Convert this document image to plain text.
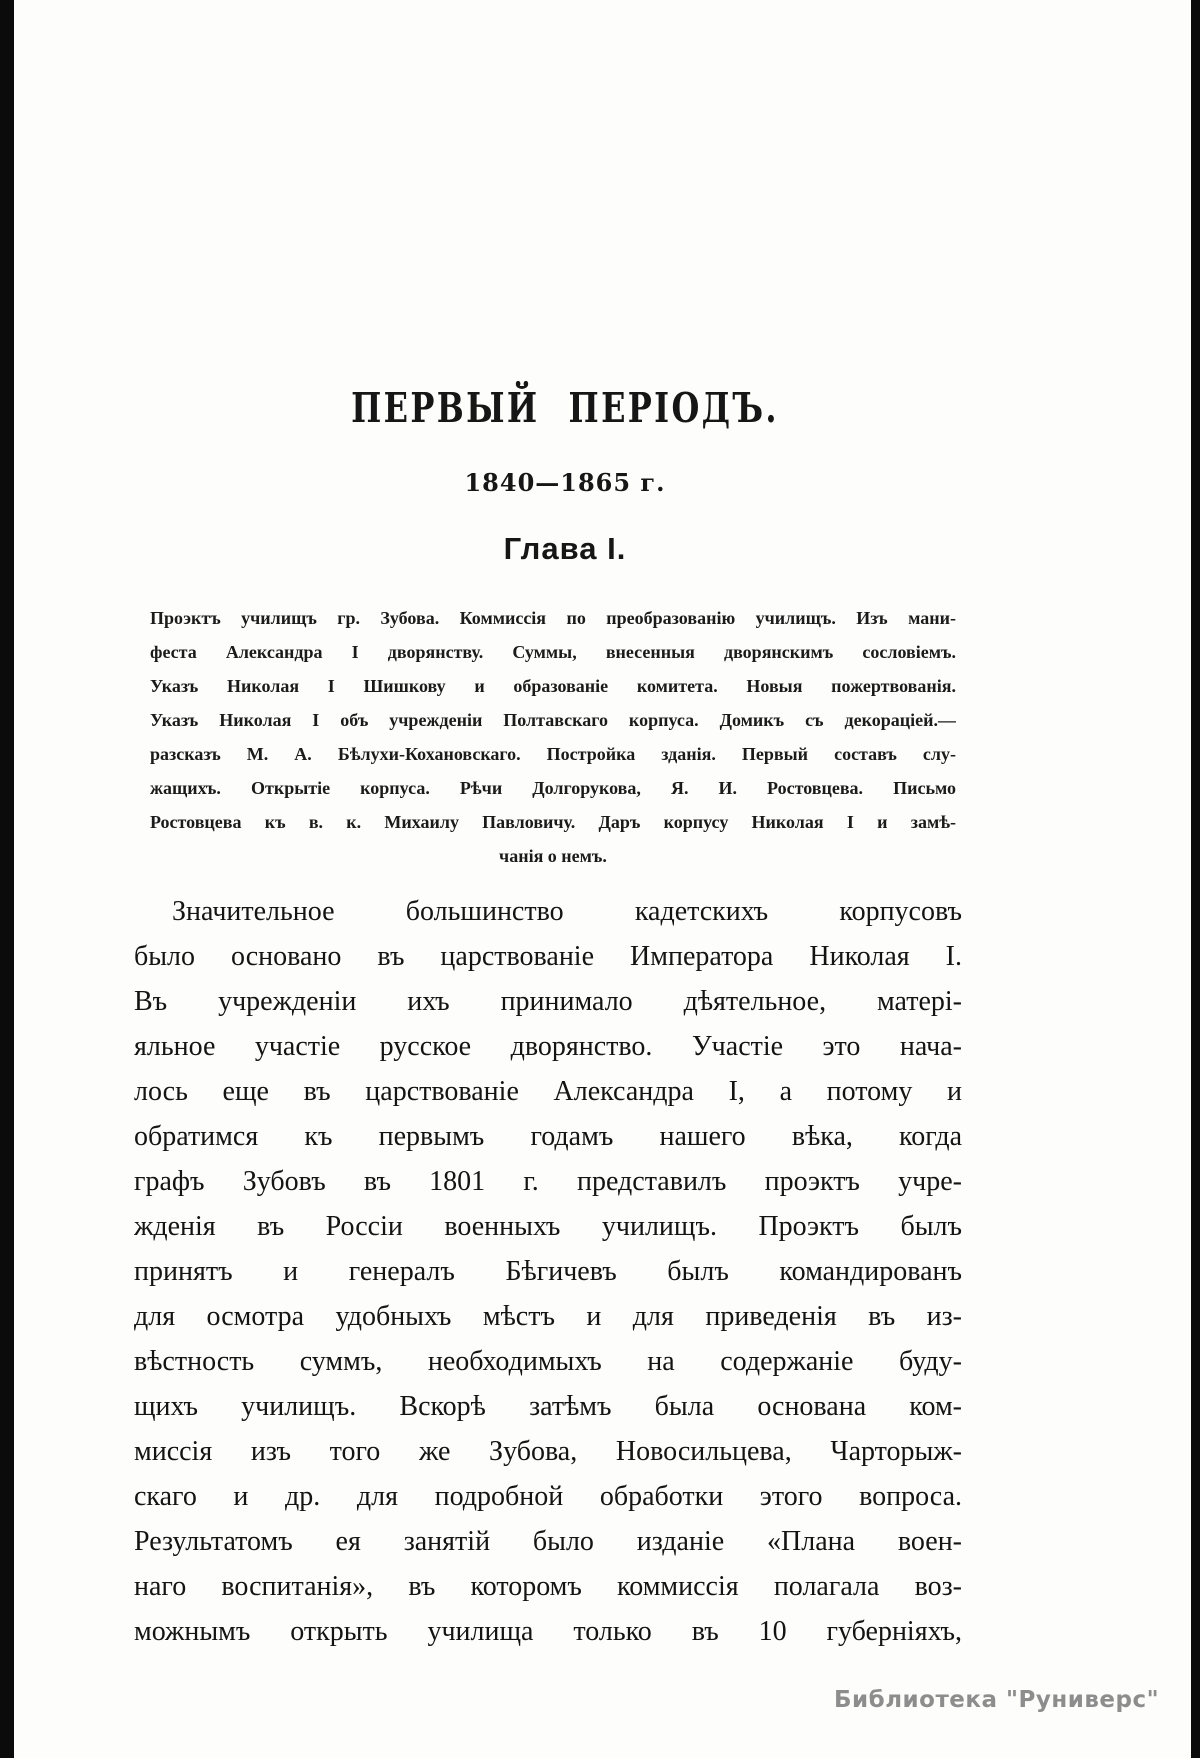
ПЕРВЫЙ ПЕРІОДЪ.
1840—1865 г.
Глава I.
Проэктъ училищъ гр. Зубова. Коммиссія по преобразованію училищъ. Изъ мани-
феста Александра I дворянству. Суммы, внесенныя дворянскимъ сословіемъ.
Указъ Николая I Шишкову и образованіе комитета. Новыя пожертвованія.
Указъ Николая I объ учрежденіи Полтавскаго корпуса. Домикъ съ декораціей.—
разсказъ М. А. Бѣлухи-Кохановскаго. Постройка зданія. Первый составъ слу-
жащихъ. Открытіе корпуса. Рѣчи Долгорукова, Я. И. Ростовцева. Письмо
Ростовцева къ в. к. Михаилу Павловичу. Даръ корпусу Николая I и замѣ-
чанія о немъ.
Значительное большинство кадетскихъ корпусовъ
было основано въ царствованіе Императора Николая I.
Въ учрежденіи ихъ принимало дѣятельное, матері-
яльное участіе русское дворянство. Участіе это нача-
лось еще въ царствованіе Александра I, а потому и
обратимся къ первымъ годамъ нашего вѣка, когда
графъ Зубовъ въ 1801 г. представилъ проэктъ учре-
жденія въ Россіи военныхъ училищъ. Проэктъ былъ
принятъ и генералъ Бѣгичевъ былъ командированъ
для осмотра удобныхъ мѣстъ и для приведенія въ из-
вѣстность суммъ, необходимыхъ на содержаніе буду-
щихъ училищъ. Вскорѣ затѣмъ была основана ком-
миссія изъ того же Зубова, Новосильцева, Чарторыж-
скаго и др. для подробной обработки этого вопроса.
Результатомъ ея занятій было изданіе «Плана воен-
наго воспитанія», въ которомъ коммиссія полагала воз-
можнымъ открыть училища только въ 10 губерніяхъ,
Библиотека "Руниверс"
